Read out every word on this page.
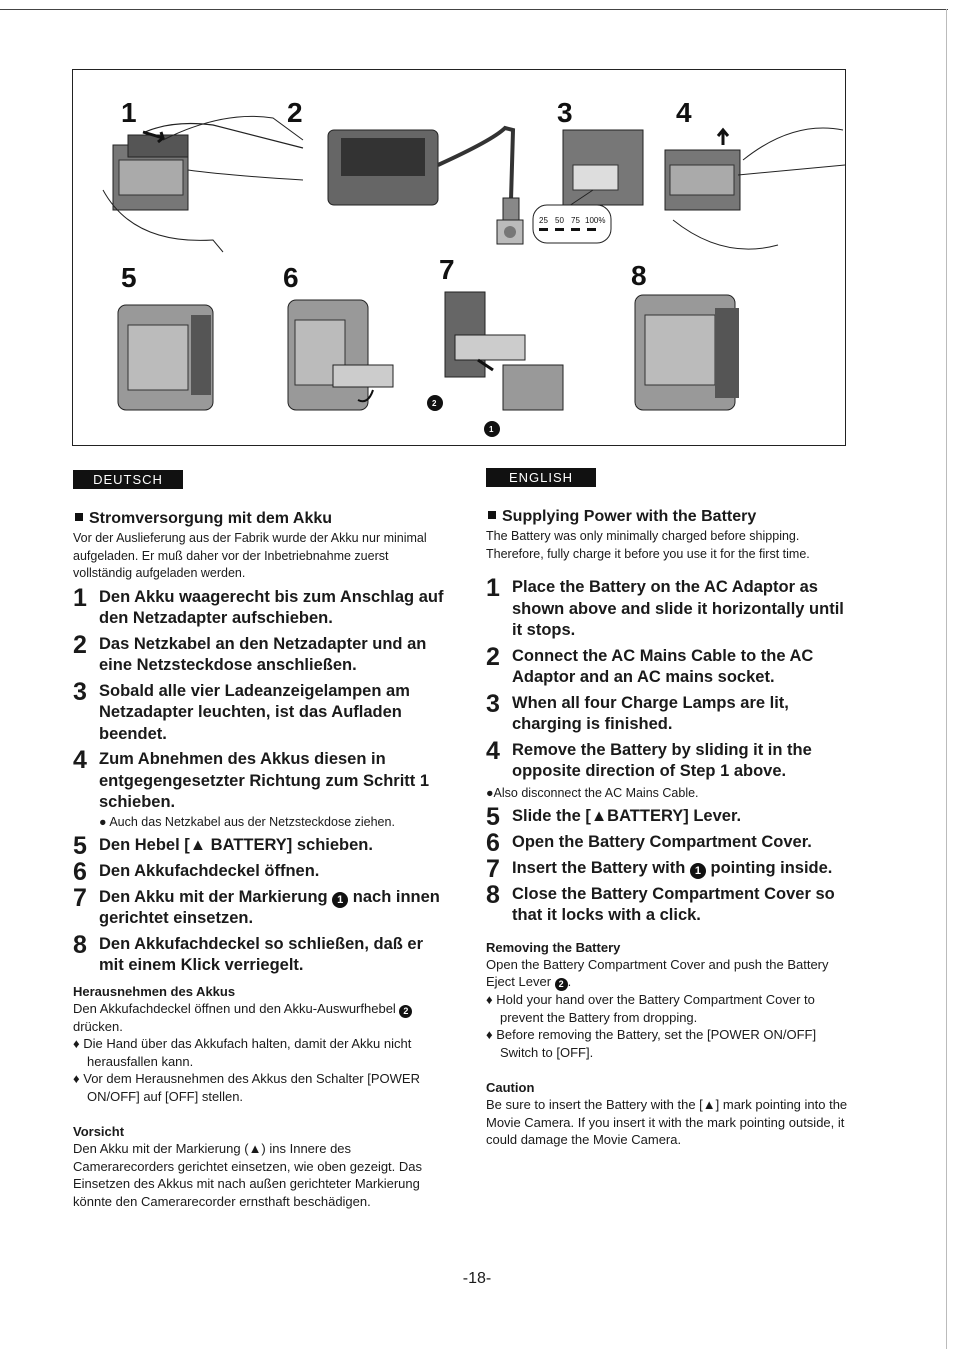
1	2	3	4
5	6	7	8
25 50 75 100%
2
1
DEUTSCH
Stromversorgung mit dem Akku

Vor der Auslieferung aus der Fabrik wurde der Akku nur minimal aufgeladen. Er muß daher vor der Inbetriebnahme zuerst vollständig aufgeladen werden.

1 Den Akku waagerecht bis zum Anschlag auf den Netzadapter aufschieben.
2 Das Netzkabel an den Netzadapter und an eine Netzsteckdose anschließen.
3 Sobald alle vier Ladeanzeigelampen am Netzadapter leuchten, ist das Aufladen beendet.
4 Zum Abnehmen des Akkus diesen in entgegengesetzter Richtung zum Schritt 1 schieben.

● Auch das Netzkabel aus der Netzsteckdose ziehen.

5 Den Hebel [▲ BATTERY] schieben.
6 Den Akkufachdeckel öffnen.
7 Den Akku mit der Markierung 1 nach innen gerichtet einsetzen.
8 Den Akkufachdeckel so schließen, daß er mit einem Klick verriegelt.
Herausnehmen des Akkus

Den Akkufachdeckel öffnen und den Akku-Auswurfhebel 2 drücken.

♦ Die Hand über das Akkufach halten, damit der Akku nicht herausfallen kann.

♦ Vor dem Herausnehmen des Akkus den Schalter [POWER ON/OFF] auf [OFF] stellen.

Vorsicht

Den Akku mit der Markierung (▲) ins Innere des Camerarecorders gerichtet einsetzen, wie oben gezeigt. Das Einsetzen des Akkus mit nach außen gerichteter Markierung könnte den Camerarecorder ernsthaft beschädigen.

ENGLISH
Supplying Power with the Battery

The Battery was only minimally charged before shipping. Therefore, fully charge it before you use it for the first time.

1 Place the Battery on the AC Adaptor as shown above and slide it horizontally until it stops.
2 Connect the AC Mains Cable to the AC Adaptor and an AC mains socket.
3 When all four Charge Lamps are lit, charging is finished.
4 Remove the Battery by sliding it in the opposite direction of Step 1 above.

●Also disconnect the AC Mains Cable.

5 Slide the [▲BATTERY] Lever.
6 Open the Battery Compartment Cover.
7 Insert the Battery with 1 pointing inside.
8 Close the Battery Compartment Cover so that it locks with a click.
Removing the Battery

Open the Battery Compartment Cover and push the Battery Eject Lever 2 .

♦ Hold your hand over the Battery Compartment Cover to prevent the Battery from dropping.

♦ Before removing the Battery, set the [POWER ON/OFF] Switch to [OFF].

Caution

Be sure to insert the Battery with the [▲] mark pointing into the Movie Camera. If you insert it with the mark pointing outside, it could damage the Movie Camera.

-18-
